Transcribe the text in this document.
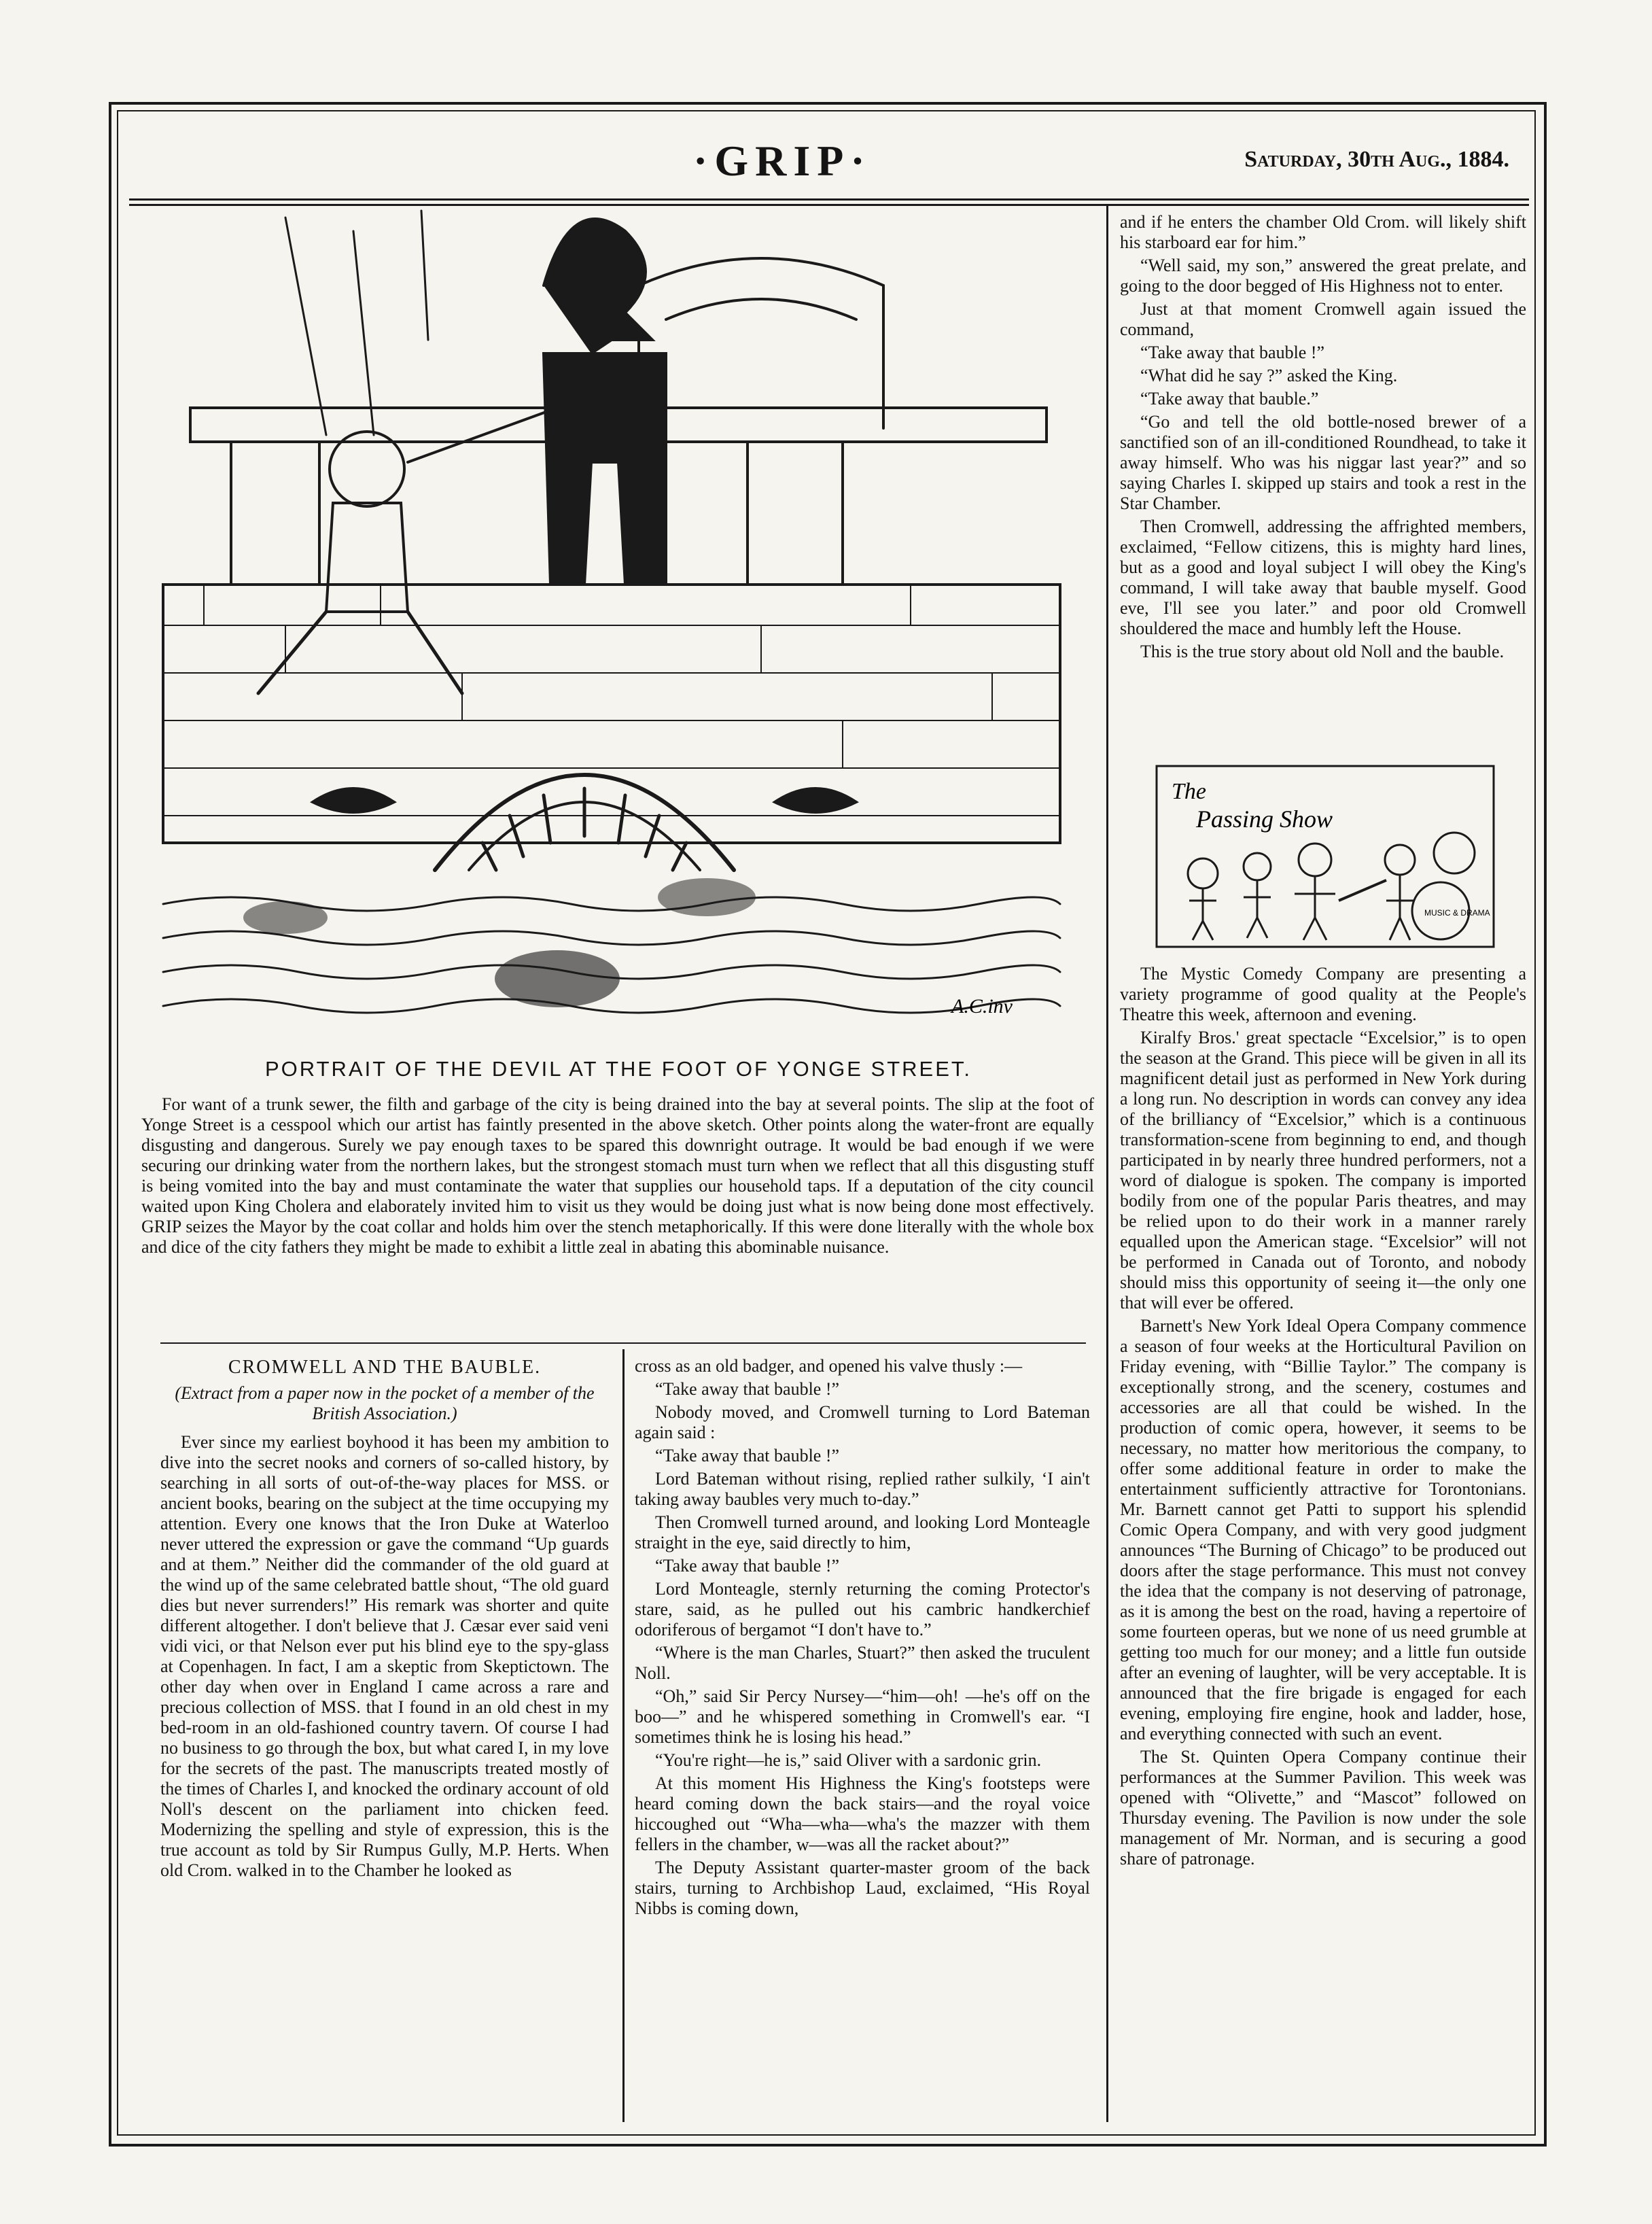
·GRIP·	Saturday, 30th Aug., 1884.
A.C.inv
PORTRAIT OF THE DEVIL AT THE FOOT OF YONGE STREET.

For want of a trunk sewer, the filth and garbage of the city is being drained into the bay at several points. The slip at the foot of Yonge Street is a cesspool which our artist has faintly presented in the above sketch. Other points along the water-front are equally disgusting and dangerous. Surely we pay enough taxes to be spared this downright outrage. It would be bad enough if we were securing our drinking water from the northern lakes, but the strongest stomach must turn when we reflect that all this disgusting stuff is being vomited into the bay and must contaminate the water that supplies our household taps. If a deputation of the city council waited upon King Cholera and elaborately invited him to visit us they would be doing just what is now being done most effectively. GRIP seizes the Mayor by the coat collar and holds him over the stench metaphorically. If this were done literally with the whole box and dice of the city fathers they might be made to exhibit a little zeal in abating this abominable nuisance.

CROMWELL AND THE BAUBLE.
(Extract from a paper now in the pocket of a member of the British Association.)

Ever since my earliest boyhood it has been my ambition to dive into the secret nooks and corners of so-called history, by searching in all sorts of out-of-the-way places for MSS. or ancient books, bearing on the subject at the time occupying my attention. Every one knows that the Iron Duke at Waterloo never uttered the expression or gave the command “Up guards and at them.” Neither did the commander of the old guard at the wind up of the same celebrated battle shout, “The old guard dies but never surrenders!” His remark was shorter and quite different altogether. I don't believe that J. Cæsar ever said veni vidi vici, or that Nelson ever put his blind eye to the spy-glass at Copenhagen. In fact, I am a skeptic from Skeptictown. The other day when over in England I came across a rare and precious collection of MSS. that I found in an old chest in my bed-room in an old-fashioned country tavern. Of course I had no business to go through the box, but what cared I, in my love for the secrets of the past. The manuscripts treated mostly of the times of Charles I, and knocked the ordinary account of old Noll's descent on the parliament into chicken feed. Modernizing the spelling and style of expression, this is the true account as told by Sir Rumpus Gully, M.P. Herts. When old Crom. walked in to the Chamber he looked as

cross as an old badger, and opened his valve thusly :—

“Take away that bauble !”

Nobody moved, and Cromwell turning to Lord Bateman again said :

“Take away that bauble !”

Lord Bateman without rising, replied rather sulkily, ‘I ain't taking away baubles very much to-day.”

Then Cromwell turned around, and looking Lord Monteagle straight in the eye, said directly to him,

“Take away that bauble !”

Lord Monteagle, sternly returning the coming Protector's stare, said, as he pulled out his cambric handkerchief odoriferous of bergamot “I don't have to.”

“Where is the man Charles, Stuart?” then asked the truculent Noll.

“Oh,” said Sir Percy Nursey—“him—oh! —he's off on the boo—” and he whispered something in Cromwell's ear. “I sometimes think he is losing his head.”

“You're right—he is,” said Oliver with a sardonic grin.

At this moment His Highness the King's footsteps were heard coming down the back stairs—and the royal voice hiccoughed out “Wha—wha—wha's the mazzer with them fellers in the chamber, w—was all the racket about?”

The Deputy Assistant quarter-master groom of the back stairs, turning to Archbishop Laud, exclaimed, “His Royal Nibbs is coming down,

and if he enters the chamber Old Crom. will likely shift his starboard ear for him.”

“Well said, my son,” answered the great prelate, and going to the door begged of His Highness not to enter.

Just at that moment Cromwell again issued the command,

“Take away that bauble !”

“What did he say ?” asked the King.

“Take away that bauble.”

“Go and tell the old bottle-nosed brewer of a sanctified son of an ill-conditioned Roundhead, to take it away himself. Who was his niggar last year?” and so saying Charles I. skipped up stairs and took a rest in the Star Chamber.

Then Cromwell, addressing the affrighted members, exclaimed, “Fellow citizens, this is mighty hard lines, but as a good and loyal subject I will obey the King's command, I will take away that bauble myself. Good eve, I'll see you later.” and poor old Cromwell shouldered the mace and humbly left the House.

This is the true story about old Noll and the bauble.

The
Passing Show
MUSIC & DRAMA

The Mystic Comedy Company are presenting a variety programme of good quality at the People's Theatre this week, afternoon and evening.

Kiralfy Bros.' great spectacle “Excelsior,” is to open the season at the Grand. This piece will be given in all its magnificent detail just as performed in New York during a long run. No description in words can convey any idea of the brilliancy of “Excelsior,” which is a continuous transformation-scene from beginning to end, and though participated in by nearly three hundred performers, not a word of dialogue is spoken. The company is imported bodily from one of the popular Paris theatres, and may be relied upon to do their work in a manner rarely equalled upon the American stage. “Excelsior” will not be performed in Canada out of Toronto, and nobody should miss this opportunity of seeing it—the only one that will ever be offered.

Barnett's New York Ideal Opera Company commence a season of four weeks at the Horticultural Pavilion on Friday evening, with “Billie Taylor.” The company is exceptionally strong, and the scenery, costumes and accessories are all that could be wished. In the production of comic opera, however, it seems to be necessary, no matter how meritorious the company, to offer some additional feature in order to make the entertainment sufficiently attractive for Torontonians. Mr. Barnett cannot get Patti to support his splendid Comic Opera Company, and with very good judgment announces “The Burning of Chicago” to be produced out doors after the stage performance. This must not convey the idea that the company is not deserving of patronage, as it is among the best on the road, having a repertoire of some fourteen operas, but we none of us need grumble at getting too much for our money; and a little fun outside after an evening of laughter, will be very acceptable. It is announced that the fire brigade is engaged for each evening, employing fire engine, hook and ladder, hose, and everything connected with such an event.

The St. Quinten Opera Company continue their performances at the Summer Pavilion. This week was opened with “Olivette,” and “Mascot” followed on Thursday evening. The Pavilion is now under the sole management of Mr. Norman, and is securing a good share of patronage.
